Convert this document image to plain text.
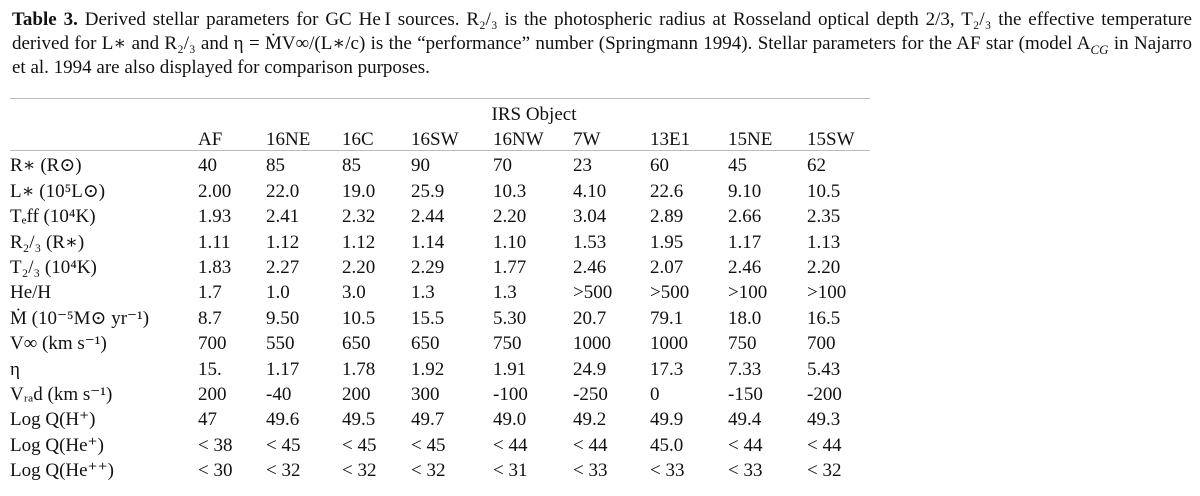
Table 3. Derived stellar parameters for GC He I sources. R₂/₃ is the photospheric radius at Rosseland optical depth 2/3, T₂/₃ the effective temperature derived for L∗ and R₂/₃ and η = ṀV∞/(L∗/c) is the “performance” number (Springmann 1994). Stellar parameters for the AF star (model $A_{CG}$ in Najarro et al. 1994 are also displayed for comparison purposes.
	IRS Object								
	AF	16NE	16C	16SW	16NW	7W	13E1	15NE	15SW
R∗ (R⊙)	40	85	85	90	70	23	60	45	62
L∗ (10⁵L⊙)	2.00	22.0	19.0	25.9	10.3	4.10	22.6	9.10	10.5
Tₑff (10⁴K)	1.93	2.41	2.32	2.44	2.20	3.04	2.89	2.66	2.35
R₂/₃ (R∗)	1.11	1.12	1.12	1.14	1.10	1.53	1.95	1.17	1.13
T₂/₃ (10⁴K)	1.83	2.27	2.20	2.29	1.77	2.46	2.07	2.46	2.20
He/H	1.7	1.0	3.0	1.3	1.3	>500	>500	>100	>100
Ṁ (10⁻⁵M⊙ yr⁻¹)	8.7	9.50	10.5	15.5	5.30	20.7	79.1	18.0	16.5
V∞ (km s⁻¹)	700	550	650	650	750	1000	1000	750	700
η	15.	1.17	1.78	1.92	1.91	24.9	17.3	7.33	5.43
Vᵣₐd (km s⁻¹)	200	-40	200	300	-100	-250	0	-150	-200
Log Q(H⁺)	47	49.6	49.5	49.7	49.0	49.2	49.9	49.4	49.3
Log Q(He⁺)	< 38	< 45	< 45	< 45	< 44	< 44	45.0	< 44	< 44
Log Q(He⁺⁺)	< 30	< 32	< 32	< 32	< 31	< 33	< 33	< 33	< 32
